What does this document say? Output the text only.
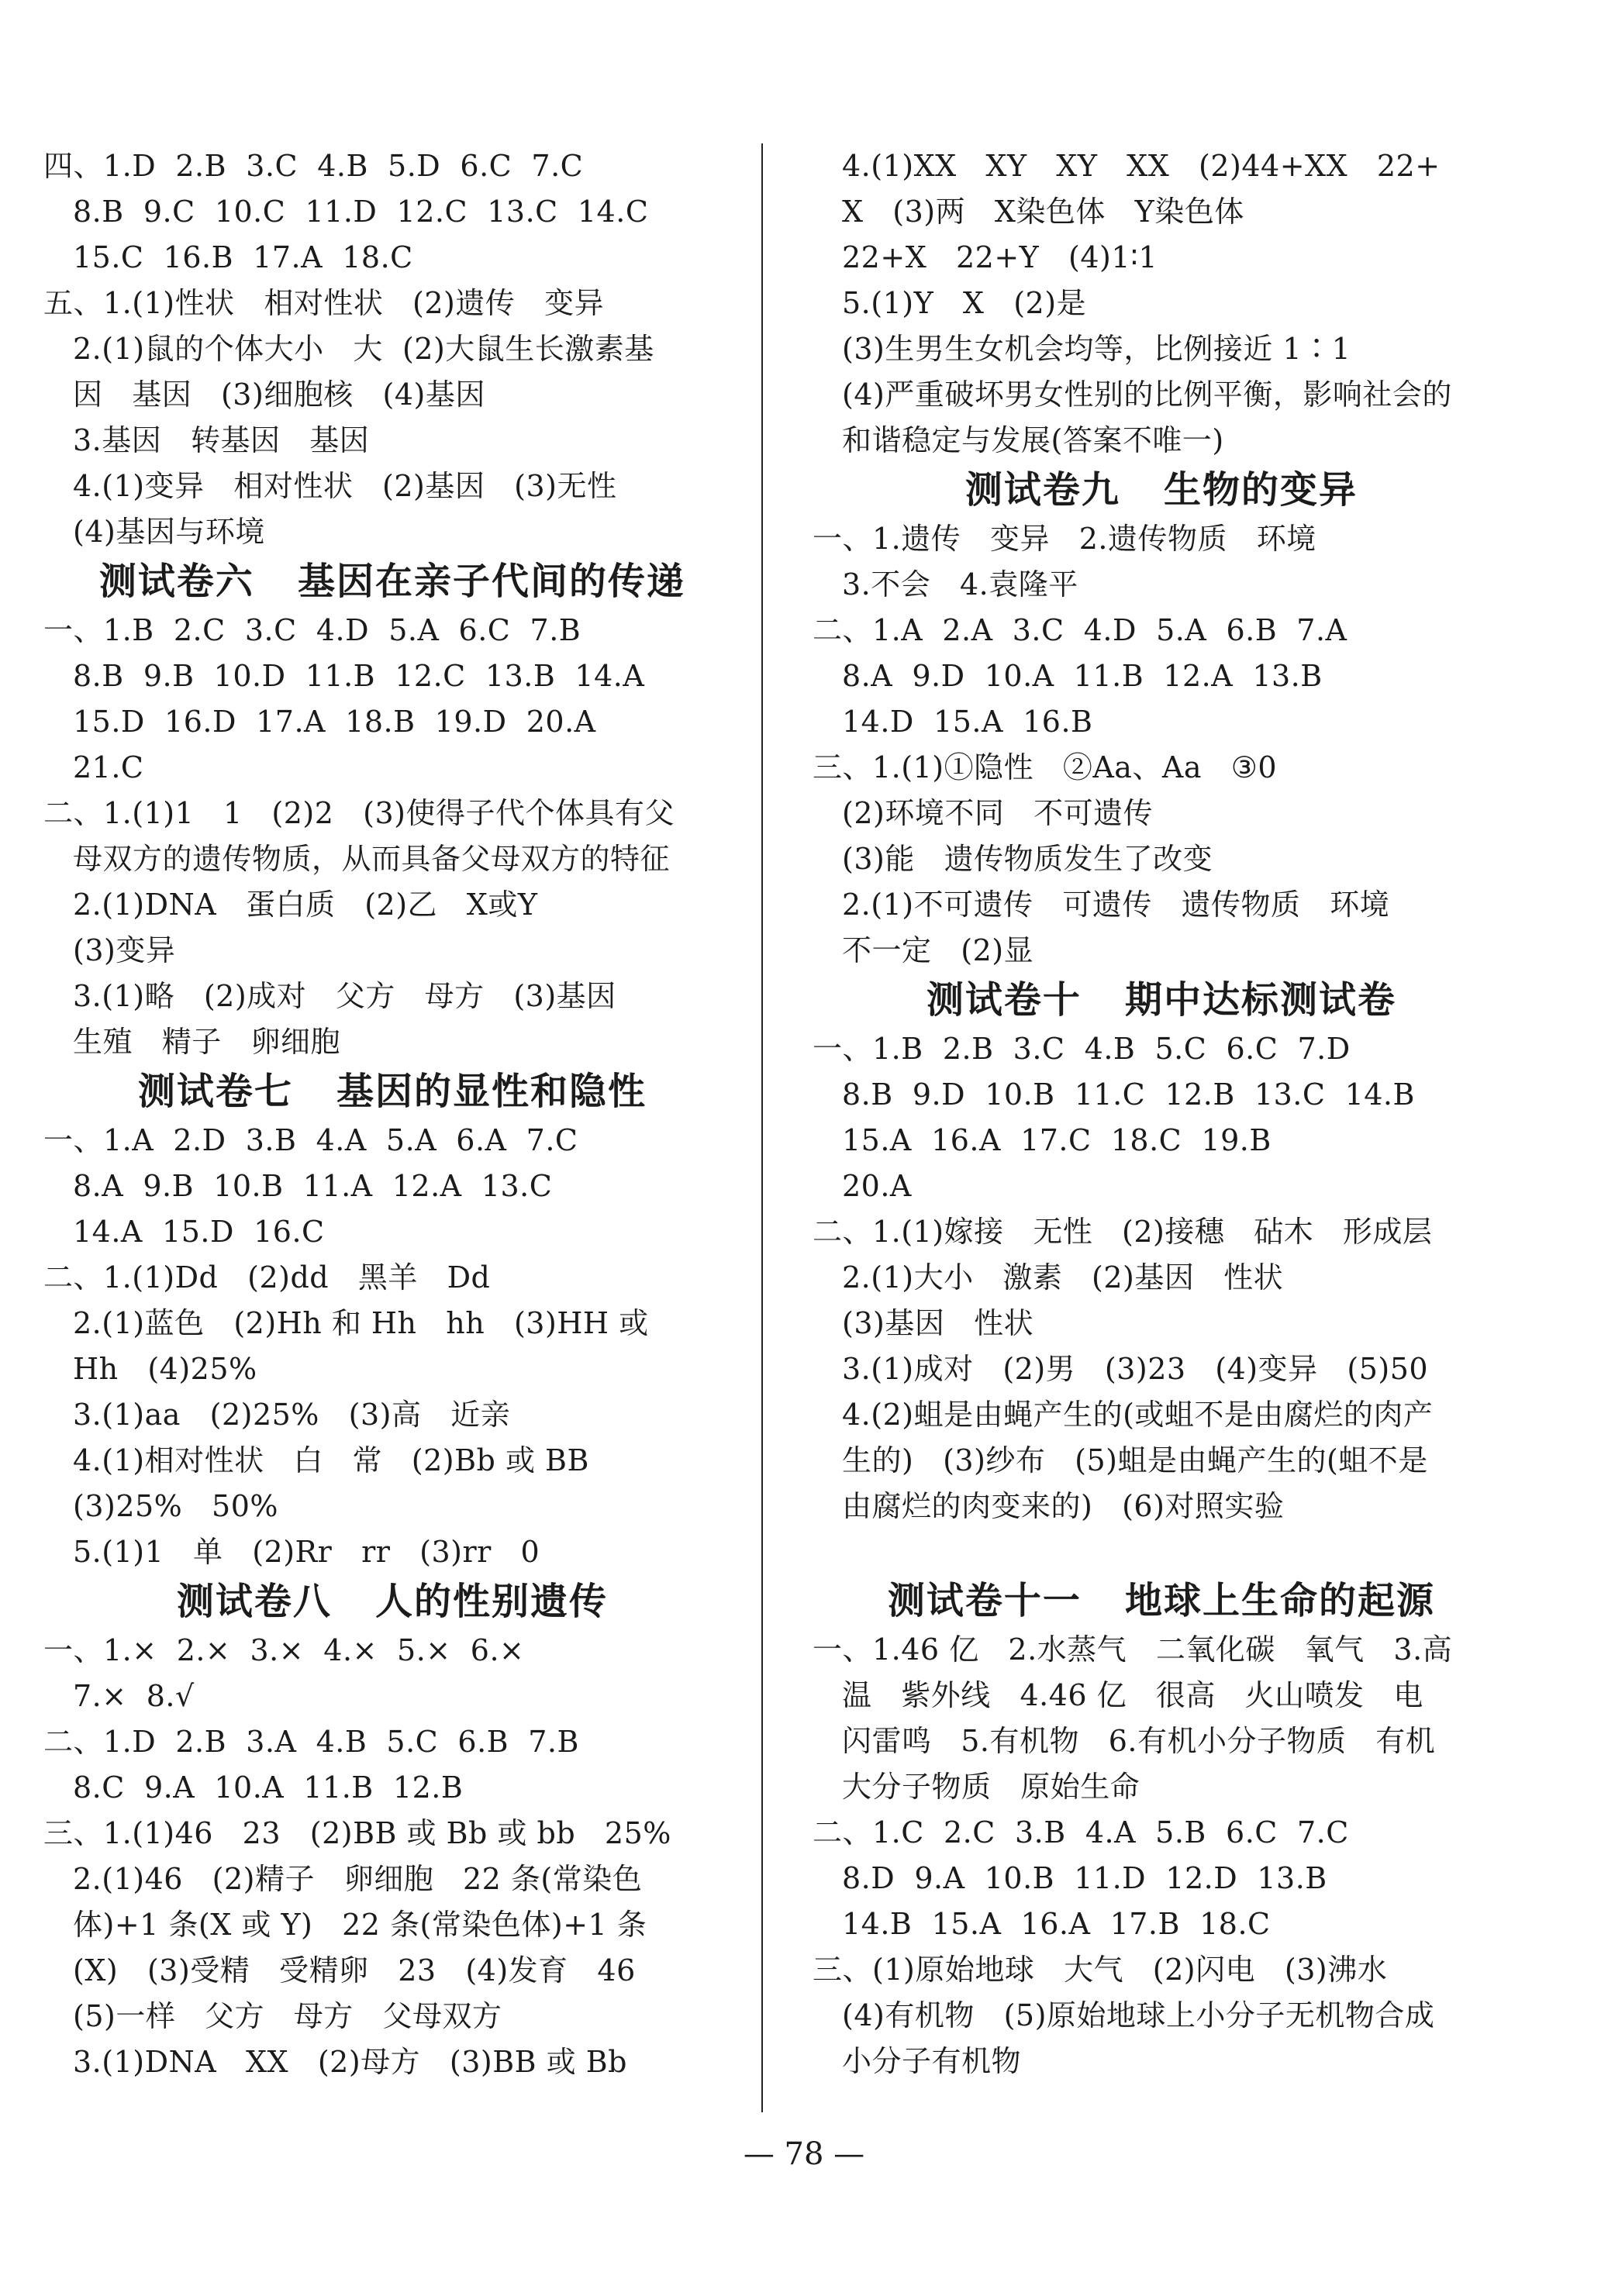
四、1.D  2.B  3.C  4.B  5.D  6.C  7.C
8.B  9.C  10.C  11.D  12.C  13.C  14.C
15.C  16.B  17.A  18.C
五、1.(1)性状   相对性状   (2)遗传   变异
2.(1)鼠的个体大小   大  (2)大鼠生长激素基
因   基因   (3)细胞核   (4)基因
3.基因   转基因   基因
4.(1)变异   相对性状   (2)基因   (3)无性
(4)基因与环境
测试卷六   基因在亲子代间的传递
一、1.B  2.C  3.C  4.D  5.A  6.C  7.B
8.B  9.B  10.D  11.B  12.C  13.B  14.A
15.D  16.D  17.A  18.B  19.D  20.A
21.C
二、1.(1)1   1   (2)2   (3)使得子代个体具有父
母双方的遗传物质，从而具备父母双方的特征
2.(1)DNA   蛋白质   (2)乙   X或Y
(3)变异
3.(1)略   (2)成对   父方   母方   (3)基因
生殖   精子   卵细胞
测试卷七   基因的显性和隐性
一、1.A  2.D  3.B  4.A  5.A  6.A  7.C
8.A  9.B  10.B  11.A  12.A  13.C
14.A  15.D  16.C
二、1.(1)Dd   (2)dd   黑羊   Dd
2.(1)蓝色   (2)Hh 和 Hh   hh   (3)HH 或
Hh   (4)25%
3.(1)aa   (2)25%   (3)高   近亲
4.(1)相对性状   白   常   (2)Bb 或 BB
(3)25%   50%
5.(1)1   单   (2)Rr   rr   (3)rr   0
测试卷八   人的性别遗传
一、1.×  2.×  3.×  4.×  5.×  6.×
7.×  8.√
二、1.D  2.B  3.A  4.B  5.C  6.B  7.B
8.C  9.A  10.A  11.B  12.B
三、1.(1)46   23   (2)BB 或 Bb 或 bb   25%
2.(1)46   (2)精子   卵细胞   22 条(常染色
体)+1 条(X 或 Y)   22 条(常染色体)+1 条
(X)   (3)受精   受精卵   23   (4)发育   46
(5)一样   父方   母方   父母双方
3.(1)DNA   XX   (2)母方   (3)BB 或 Bb
4.(1)XX   XY   XY   XX   (2)44+XX   22+
X   (3)两   X染色体   Y染色体
22+X   22+Y   (4)1∶1
5.(1)Y   X   (2)是
(3)生男生女机会均等，比例接近 1∶1
(4)严重破坏男女性别的比例平衡，影响社会的
和谐稳定与发展(答案不唯一)
测试卷九   生物的变异
一、1.遗传   变异   2.遗传物质   环境
3.不会   4.袁隆平
二、1.A  2.A  3.C  4.D  5.A  6.B  7.A
8.A  9.D  10.A  11.B  12.A  13.B
14.D  15.A  16.B
三、1.(1)①隐性   ②Aa、Aa   ③0
(2)环境不同   不可遗传
(3)能   遗传物质发生了改变
2.(1)不可遗传   可遗传   遗传物质   环境
不一定   (2)显
测试卷十   期中达标测试卷
一、1.B  2.B  3.C  4.B  5.C  6.C  7.D
8.B  9.D  10.B  11.C  12.B  13.C  14.B
15.A  16.A  17.C  18.C  19.B
20.A
二、1.(1)嫁接   无性   (2)接穗   砧木   形成层
2.(1)大小   激素   (2)基因   性状
(3)基因   性状
3.(1)成对   (2)男   (3)23   (4)变异   (5)50
4.(2)蛆是由蝇产生的(或蛆不是由腐烂的肉产
生的)   (3)纱布   (5)蛆是由蝇产生的(蛆不是
由腐烂的肉变来的)   (6)对照实验
测试卷十一   地球上生命的起源
一、1.46 亿   2.水蒸气   二氧化碳   氧气   3.高
温   紫外线   4.46 亿   很高   火山喷发   电
闪雷鸣   5.有机物   6.有机小分子物质   有机
大分子物质   原始生命
二、1.C  2.C  3.B  4.A  5.B  6.C  7.C
8.D  9.A  10.B  11.D  12.D  13.B
14.B  15.A  16.A  17.B  18.C
三、(1)原始地球   大气   (2)闪电   (3)沸水
(4)有机物   (5)原始地球上小分子无机物合成
小分子有机物
— 78 —
